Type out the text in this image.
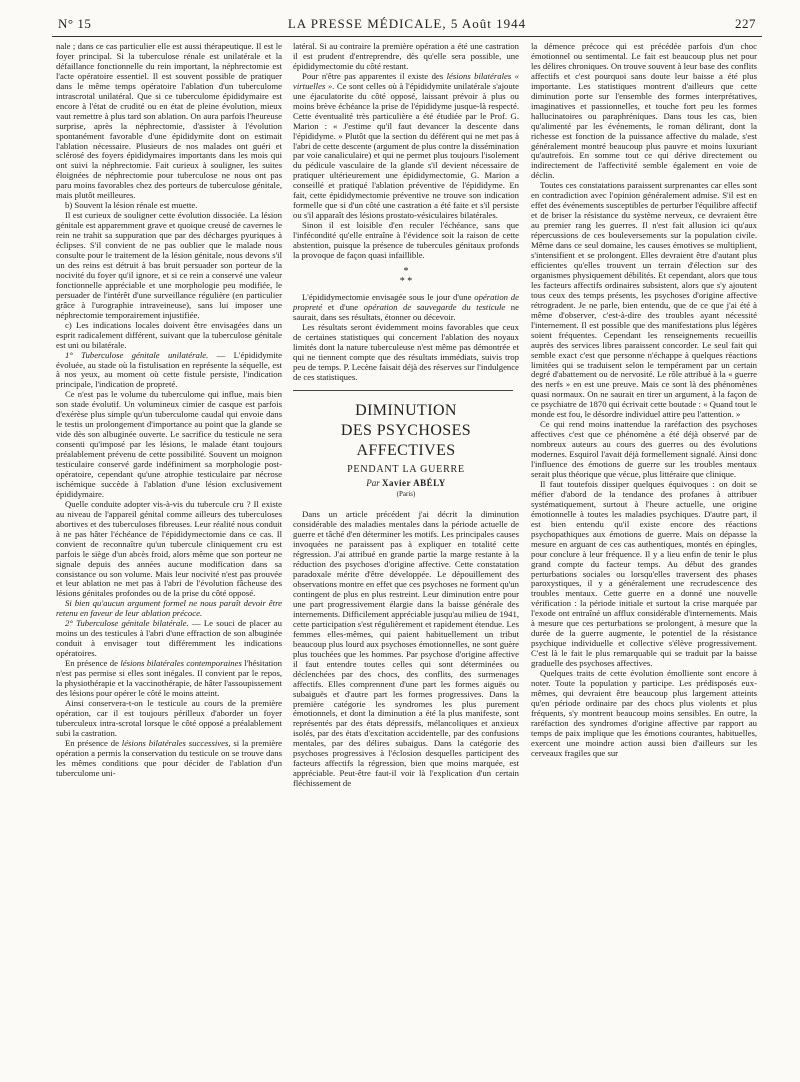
N° 15	LA PRESSE MÉDICALE, 5 Août 1944	227

nale ; dans ce cas particulier elle est aussi thérapeutique. Il est le foyer principal. Si la tuberculose rénale est unilatérale et la défaillance fonctionnelle du rein important, la néphrectomie est l'acte opératoire essentiel. Il est souvent possible de pratiquer dans le même temps opératoire l'ablation d'un tuberculome intrascrotal unilatéral. Que si ce tuberculome épididymaire est encore à l'état de crudité ou en état de pleine évolution, mieux vaut remettre à plus tard son ablation. On aura parfois l'heureuse surprise, après la néphrectomie, d'assister à l'évolution spontanément favorable d'une épididymite dont on estimait l'ablation nécessaire. Plusieurs de nos malades ont guéri et sclérosé des foyers épididymaires importants dans les mois qui ont suivi la néphrectomie. Fait curieux à souligner, les suites éloignées de néphrectomie pour tuberculose ne nous ont pas paru moins favorables chez des porteurs de tuberculose génitale, mais plutôt meilleures.

b) Souvent la lésion rénale est muette.

Il est curieux de souligner cette évolution dissociée. La lésion génitale est apparemment grave et quoique creusé de cavernes le rein ne trahit sa suppuration que par des décharges pyuriques à éclipses. S'il convient de ne pas oublier que le malade nous consulte pour le traitement de la lésion génitale, nous devons s'il un des reins est détruit à bas bruit persuader son porteur de la nocivité du foyer qu'il ignore, et si ce rein a conservé une valeur fonctionnelle appréciable et une morphologie peu modifiée, le persuader de l'intérêt d'une surveillance régulière (en particulier grâce à l'urographie intraveineuse), sans lui imposer une néphrectomie temporairement injustifiée.

c) Les indications locales doivent être envisagées dans un esprit radicalement différent, suivant que la tuberculose génitale est uni ou bilatérale.

1° Tuberculose génitale unilatérale. — L'épididymite évoluée, au stade où la fistulisation en représente la séquelle, est à nos yeux, au moment où cette fistule persiste, l'indication principale, l'indication de propreté.

Ce n'est pas le volume du tuberculome qui influe, mais bien son stade évolutif. Un volumineux cimier de casque est parfois d'exérèse plus simple qu'un tuberculome caudal qui envoie dans le testis un prolongement d'importance au point que la glande se vide dès son albuginée ouverte. Le sacrifice du testicule ne sera consenti qu'imposé par les lésions, le malade étant toujours préalablement prévenu de cette possibilité. Souvent un moignon testiculaire conservé garde indéfiniment sa morphologie post-opératoire, cependant qu'une atrophie testiculaire par nécrose ischémique succède à l'ablation d'une lésion exclusivement épididymaire.

Quelle conduite adopter vis-à-vis du tubercule cru ? Il existe au niveau de l'appareil génital comme ailleurs des tuberculoses abortives et des tuberculoses fibreuses. Leur réalité nous conduit à ne pas hâter l'échéance de l'épididymectomie dans ce cas. Il convient de reconnaître qu'un tubercule cliniquement cru est parfois le siège d'un abcès froid, alors même que son porteur ne signale depuis des années aucune modification dans sa consistance ou son volume. Mais leur nocivité n'est pas prouvée et leur ablation ne met pas à l'abri de l'évolution fâcheuse des lésions génitales profondes ou de la prise du côté opposé.

Si bien qu'aucun argument formel ne nous paraît devoir être retenu en faveur de leur ablation précoce.

2° Tuberculose génitale bilatérale. — Le souci de placer au moins un des testicules à l'abri d'une effraction de son albuginée conduit à envisager tout différemment les indications opératoires.

En présence de lésions bilatérales contemporaines l'hésitation n'est pas permise si elles sont inégales. Il convient par le repos, la physiothérapie et la vaccinothérapie, de hâter l'assoupissement des lésions pour opérer le côté le moins atteint.

Ainsi conservera-t-on le testicule au cours de la première opération, car il est toujours périlleux d'aborder un foyer tuberculeux intra-scrotal lorsque le côté opposé a préalablement subi la castration.

En présence de lésions bilatérales successives, si la première opération a permis la conservation du testicule on se trouve dans les mêmes conditions que pour décider de l'ablation d'un tuberculome uni-

latéral. Si au contraire la première opération a été une castration il est prudent d'entreprendre, dès qu'elle sera possible, une épididymectomie du côté restant.

Pour n'être pas apparentes il existe des lésions bilatérales « virtuelles ». Ce sont celles où à l'épididymite unilatérale s'ajoute une éjaculatorite du côté opposé, laissant prévoir à plus ou moins brève échéance la prise de l'épididyme jusque-là respecté. Cette éventualité très particulière a été étudiée par le Prof. G. Marion : « J'estime qu'il faut devancer la descente dans l'épididyme. » Plutôt que la section du déférent qui ne met pas à l'abri de cette descente (argument de plus contre la dissémination par voie canaliculaire) et qui ne permet plus toujours l'isolement du pédicule vasculaire de la glande s'il devient nécessaire de pratiquer ultérieurement une épididymectomie, G. Marion a conseillé et pratiqué l'ablation préventive de l'épididyme. En fait, cette épididymectomie préventive ne trouve son indication formelle que si d'un côté une castration a été faite et s'il persiste ou s'il apparaît des lésions prostato-vésiculaires bilatérales.

Sinon il est loisible d'en reculer l'échéance, sans que l'infécondité qu'elle entraîne à l'évidence soit la raison de cette abstention, puisque la présence de tubercules génitaux profonds la provoque de façon quasi infaillible.

*
* *

L'épididymectomie envisagée sous le jour d'une opération de propreté et d'une opération de sauvegarde du testicule ne saurait, dans ses résultats, étonner ou décevoir.

Les résultats seront évidemment moins favorables que ceux de certaines statistiques qui concernent l'ablation des noyaux limités dont la nature tuberculeuse n'est même pas démontrée et qui ne tiennent compte que des résultats immédiats, suivis trop peu de temps. P. Lecène faisait déjà des réserves sur l'indulgence de ces statistiques.

DIMINUTION
DES PSYCHOSES AFFECTIVES
PENDANT LA GUERRE
Par Xavier ABÉLY
(Paris)

Dans un article précédent j'ai décrit la diminution considérable des maladies mentales dans la période actuelle de guerre et tâché d'en déterminer les motifs. Les principales causes invoquées ne paraissent pas à expliquer en totalité cette régression. J'ai attribué en grande partie la marge restante à la réduction des psychoses d'origine affective. Cette constatation paradoxale mérite d'être développée. Le dépouillement des observations montre en effet que ces psychoses ne forment qu'un contingent de plus en plus restreint. Leur diminution entre pour une part progressivement élargie dans la baisse générale des internements. Difficilement appréciable jusqu'au milieu de 1941, cette participation s'est régulièrement et rapidement étendue. Les femmes elles-mêmes, qui paient habituellement un tribut beaucoup plus lourd aux psychoses émotionnelles, ne sont guère plus touchées que les hommes. Par psychose d'origine affective il faut entendre toutes celles qui sont déterminées ou déclenchées par des chocs, des conflits, des surmenages affectifs. Elles comprennent d'une part les formes aiguës ou subaiguës et d'autre part les formes progressives. Dans la première catégorie les syndromes les plus purement émotionnels, et dont la diminution a été la plus manifeste, sont représentés par des états dépressifs, mélancoliques et anxieux isolés, par des états d'excitation accidentelle, par des confusions mentales, par des délires subaigus. Dans la catégorie des psychoses progressives à l'éclosion desquelles participent des facteurs affectifs la régression, bien que moins marquée, est appréciable. Peut-être faut-il voir là l'explication d'un certain fléchissement de

la démence précoce qui est précédée parfois d'un choc émotionnel ou sentimental. Le fait est beaucoup plus net pour les délires chroniques. On trouve souvent à leur base des conflits affectifs et c'est pourquoi sans doute leur baisse a été plus importante. Les statistiques montrent d'ailleurs que cette diminution porte sur l'ensemble des formes interprétatives, imaginatives et passionnelles, et touche fort peu les formes hallucinatoires ou paraphréniques. Dans tous les cas, bien qu'alimenté par les événements, le roman délirant, dont la richesse est fonction de la puissance affective du malade, s'est généralement montré beaucoup plus pauvre et moins luxuriant qu'autrefois. En somme tout ce qui dérive directement ou indirectement de l'affectivité semble également en voie de déclin.

Toutes ces constatations paraissent surprenantes car elles sont en contradiction avec l'opinion généralement admise. S'il est en effet des événements susceptibles de perturber l'équilibre affectif et de briser la résistance du système nerveux, ce devraient être au premier rang les guerres. Il n'est fait allusion ici qu'aux répercussions de ces bouleversements sur la population civile. Même dans ce seul domaine, les causes émotives se multiplient, s'intensifient et se prolongent. Elles devraient être d'autant plus efficientes qu'elles trouvent un terrain d'élection sur des organismes physiquement débilités. Et cependant, alors que tous les facteurs affectifs ordinaires subsistent, alors que s'y ajoutent tous ceux des temps présents, les psychoses d'origine affective rétrogradent. Je ne parle, bien entendu, que de ce que j'ai été à même d'observer, c'est-à-dire des troubles ayant nécessité l'internement. Il est possible que des manifestations plus légères soient fréquentes. Cependant les renseignements recueillis auprès des services libres paraissent concorder. Le seul fait qui semble exact c'est que personne n'échappe à quelques réactions limitées qui se traduisent selon le tempérament par un certain degré d'abattement ou de nervosité. Le rôle attribué à la « guerre des nerfs » en est une preuve. Mais ce sont là des phénomènes quasi normaux. On ne saurait en tirer un argument, à la façon de ce psychiatre de 1870 qui écrivait cette boutade : « Quand tout le monde est fou, le désordre individuel attire peu l'attention. »

Ce qui rend moins inattendue la raréfaction des psychoses affectives c'est que ce phénomène a été déjà observé par de nombreux auteurs au cours des guerres ou des évolutions modernes. Esquirol l'avait déjà formellement signalé. Ainsi donc l'influence des émotions de guerre sur les troubles mentaux serait plus théorique que vécue, plus littéraire que clinique.

Il faut toutefois dissiper quelques équivoques : on doit se méfier d'abord de la tendance des profanes à attribuer systématiquement, surtout à l'heure actuelle, une origine émotionnelle à toutes les maladies psychiques. D'autre part, il est bien entendu qu'il existe encore des réactions psychopathiques aux émotions de guerre. Mais on dépasse la mesure en arguant de ces cas authentiques, montés en épingles, pour conclure à leur fréquence. Il y a lieu enfin de tenir le plus grand compte du facteur temps. Au début des grandes perturbations sociales ou lorsqu'elles traversent des phases paroxystiques, il y a généralement une recrudescence des troubles mentaux. Cette guerre en a donné une nouvelle vérification : la période initiale et surtout la crise marquée par l'exode ont entraîné un afflux considérable d'internements. Mais à mesure que ces perturbations se prolongent, à mesure que la durée de la guerre augmente, le potentiel de la résistance psychique individuelle et collective s'élève progressivement. C'est là le fait le plus remarquable qui se traduit par la baisse graduelle des psychoses affectives.

Quelques traits de cette évolution émolliente sont encore à noter. Toute la population y participe. Les prédisposés eux-mêmes, qui devraient être beaucoup plus largement atteints qu'en période ordinaire par des chocs plus violents et plus fréquents, s'y montrent beaucoup moins sensibles. En outre, la raréfaction des syndromes d'origine affective par rapport au temps de paix implique que les émotions courantes, habituelles, exercent une moindre action aussi bien d'ailleurs sur les cerveaux fragiles que sur
